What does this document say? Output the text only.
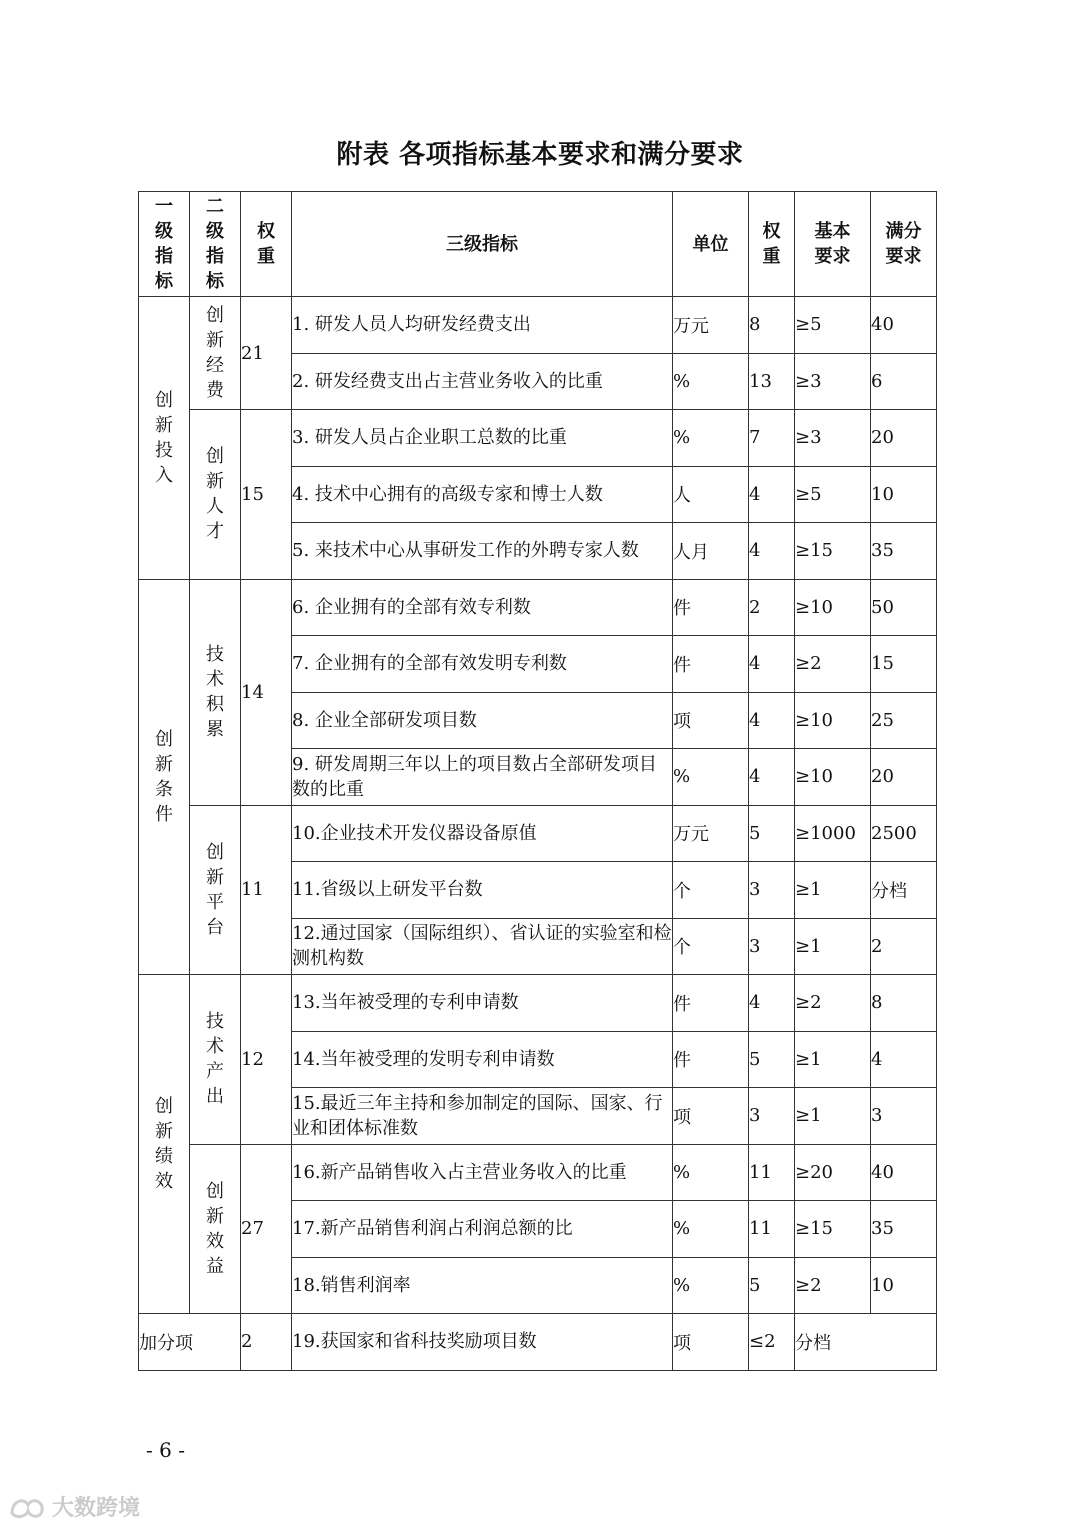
附表 各项指标基本要求和满分要求
一
级
指
标	二
级
指
标	权
重	三级指标	单位	权
重	基本
要求	满分
要求

创
新
投
入	创
新
经
费	21	1. 研发人员人均研发经费支出	万元	8	≥5	40
			2. 研发经费支出占主营业务收入的比重	%	13	≥3	6

	创
新
人
才	15	3. 研发人员占企业职工总数的比重	%	7	≥3	20
			4. 技术中心拥有的高级专家和博士人数	人	4	≥5	10
			5. 来技术中心从事研发工作的外聘专家人数	人月	4	≥15	35

创
新
条
件	技
术
积
累	14	6. 企业拥有的全部有效专利数	件	2	≥10	50
			7. 企业拥有的全部有效发明专利数	件	4	≥2	15
			8. 企业全部研发项目数	项	4	≥10	25
			9. 研发周期三年以上的项目数占全部研发项目数的比重	%	4	≥10	20

	创
新
平
台	11	10.企业技术开发仪器设备原值	万元	5	≥1000	2500
			11.省级以上研发平台数	个	3	≥1	分档
			12.通过国家（国际组织）、省认证的实验室和检测机构数	个	3	≥1	2

创
新
绩
效	技
术
产
出	12	13.当年被受理的专利申请数	件	4	≥2	8
			14.当年被受理的发明专利申请数	件	5	≥1	4
			15.最近三年主持和参加制定的国际、国家、行业和团体标准数	项	3	≥1	3

	创
新
效
益	27	16.新产品销售收入占主营业务收入的比重	%	11	≥20	40
			17.新产品销售利润占利润总额的比	%	11	≥15	35
			18.销售利润率	%	5	≥2	10
加分项		2	19.获国家和省科技奖励项目数	项	≤2	分档	
- 6 -
大数跨境
